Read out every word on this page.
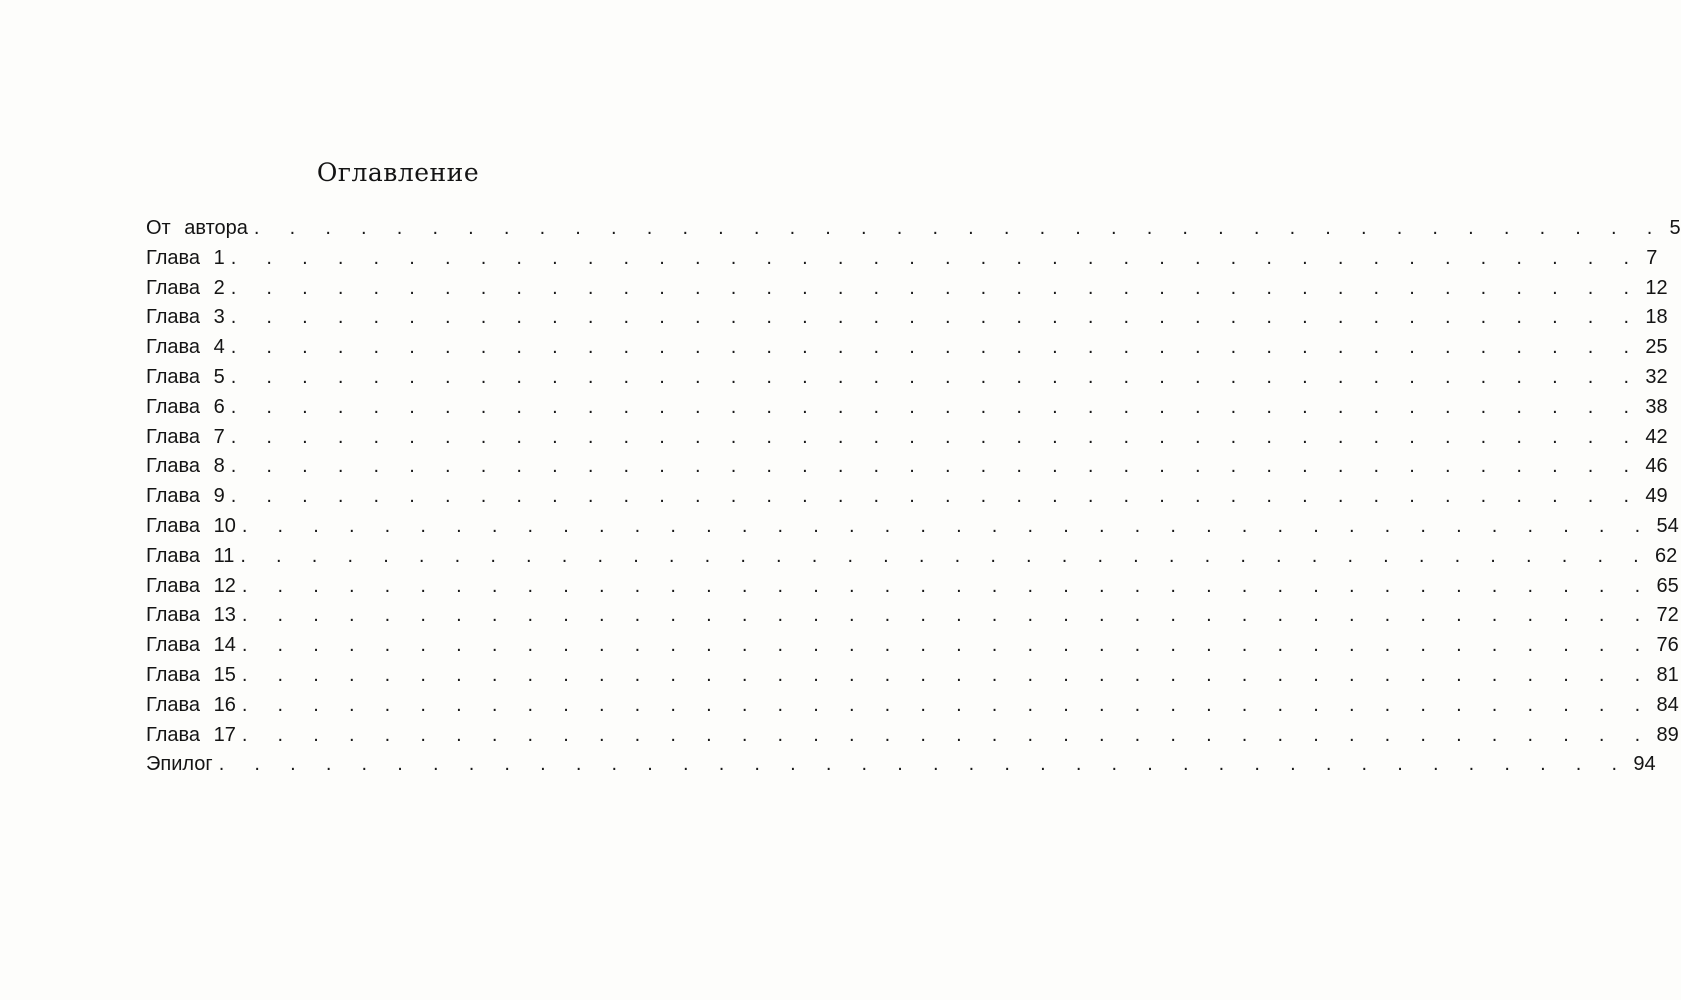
Оглавление
От автора . . . . . . . . . . . . . . . . . . . . . . . . . . . . . . . . . . . . . . . . 5
Глава 1 . . . . . . . . . . . . . . . . . . . . . . . . . . . . . . . . . . . . . . . . 7
Глава 2 . . . . . . . . . . . . . . . . . . . . . . . . . . . . . . . . . . . . . . . . 12
Глава 3 . . . . . . . . . . . . . . . . . . . . . . . . . . . . . . . . . . . . . . . . 18
Глава 4 . . . . . . . . . . . . . . . . . . . . . . . . . . . . . . . . . . . . . . . . 25
Глава 5 . . . . . . . . . . . . . . . . . . . . . . . . . . . . . . . . . . . . . . . . 32
Глава 6 . . . . . . . . . . . . . . . . . . . . . . . . . . . . . . . . . . . . . . . . 38
Глава 7 . . . . . . . . . . . . . . . . . . . . . . . . . . . . . . . . . . . . . . . . 42
Глава 8 . . . . . . . . . . . . . . . . . . . . . . . . . . . . . . . . . . . . . . . . 46
Глава 9 . . . . . . . . . . . . . . . . . . . . . . . . . . . . . . . . . . . . . . . . 49
Глава 10 . . . . . . . . . . . . . . . . . . . . . . . . . . . . . . . . . . . . . . . . 54
Глава 11 . . . . . . . . . . . . . . . . . . . . . . . . . . . . . . . . . . . . . . . . 62
Глава 12 . . . . . . . . . . . . . . . . . . . . . . . . . . . . . . . . . . . . . . . . 65
Глава 13 . . . . . . . . . . . . . . . . . . . . . . . . . . . . . . . . . . . . . . . . 72
Глава 14 . . . . . . . . . . . . . . . . . . . . . . . . . . . . . . . . . . . . . . . . 76
Глава 15 . . . . . . . . . . . . . . . . . . . . . . . . . . . . . . . . . . . . . . . . 81
Глава 16 . . . . . . . . . . . . . . . . . . . . . . . . . . . . . . . . . . . . . . . . 84
Глава 17 . . . . . . . . . . . . . . . . . . . . . . . . . . . . . . . . . . . . . . . . 89
Эпилог . . . . . . . . . . . . . . . . . . . . . . . . . . . . . . . . . . . . . . . . 94
